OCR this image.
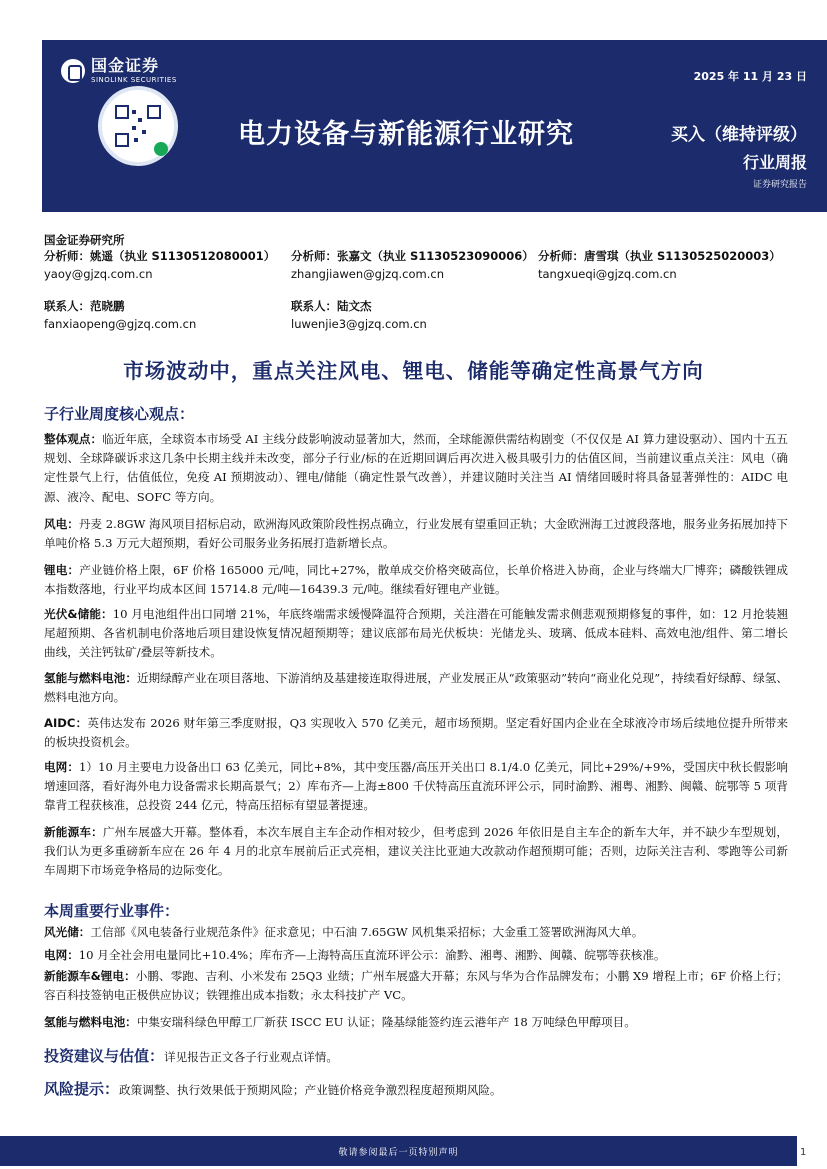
国金证券
SINOLINK SECURITIES
电力设备与新能源行业研究
2025 年 11 月 23 日
买入（维持评级）
行业周报
证券研究报告
国金证券研究所
分析师：姚遥（执业 S1130512080001） 分析师：张嘉文（执业 S1130523090006） 分析师：唐雪琪（执业 S1130525020003）
yaoy@gjzq.com.cn	zhangjiawen@gjzq.com.cn	tangxueqi@gjzq.com.cn
联系人：范晓鹏	联系人：陆文杰
fanxiaopeng@gjzq.com.cn	luwenjie3@gjzq.com.cn
市场波动中，重点关注风电、锂电、储能等确定性高景气方向
子行业周度核心观点：
整体观点：临近年底，全球资本市场受 AI 主线分歧影响波动显著加大，然而，全球能源供需结构剧变（不仅仅是 AI 算力建设驱动）、国内十五五规划、全球降碳诉求这几条中长期主线并未改变，部分子行业/标的在近期回调后再次进入极具吸引力的估值区间，当前建议重点关注：风电（确定性景气上行，估值低位，免疫 AI 预期波动）、锂电/储能（确定性景气改善），并建议随时关注当 AI 情绪回暖时将具备显著弹性的：AIDC 电源、液冷、配电、SOFC 等方向。
风电：丹麦 2.8GW 海风项目招标启动，欧洲海风政策阶段性拐点确立，行业发展有望重回正轨；大金欧洲海工过渡段落地，服务业务拓展加持下单吨价格 5.3 万元大超预期，看好公司服务业务拓展打造新增长点。
锂电：产业链价格上限，6F 价格 165000 元/吨，同比+27%，散单成交价格突破高位，长单价格进入协商，企业与终端大厂博弈；磷酸铁锂成本指数落地，行业平均成本区间 15714.8 元/吨—16439.3 元/吨。继续看好锂电产业链。
光伏&储能：10 月电池组件出口同增 21%，年底终端需求缓慢降温符合预期，关注潜在可能触发需求侧悲观预期修复的事件，如：12 月抢装翘尾超预期、各省机制电价落地后项目建设恢复情况超预期等；建议底部布局光伏板块：光储龙头、玻璃、低成本硅料、高效电池/组件、第二增长曲线，关注钙钛矿/叠层等新技术。
氢能与燃料电池：近期绿醇产业在项目落地、下游消纳及基建接连取得进展，产业发展正从“政策驱动”转向“商业化兑现”，持续看好绿醇、绿氢、燃料电池方向。
AIDC：英伟达发布 2026 财年第三季度财报，Q3 实现收入 570 亿美元，超市场预期。坚定看好国内企业在全球液冷市场后续地位提升所带来的板块投资机会。
电网：1）10 月主要电力设备出口 63 亿美元，同比+8%，其中变压器/高压开关出口 8.1/4.0 亿美元，同比+29%/+9%，受国庆中秋长假影响增速回落，看好海外电力设备需求长期高景气；2）库布齐—上海±800 千伏特高压直流环评公示，同时渝黔、湘粤、湘黔、闽赣、皖鄂等 5 项背靠背工程获核准，总投资 244 亿元，特高压招标有望显著提速。
新能源车：广州车展盛大开幕。整体看，本次车展自主车企动作相对较少，但考虑到 2026 年依旧是自主车企的新车大年，并不缺少车型规划，我们认为更多重磅新车应在 26 年 4 月的北京车展前后正式亮相，建议关注比亚迪大改款动作超预期可能；否则，边际关注吉利、零跑等公司新车周期下市场竞争格局的边际变化。
本周重要行业事件：
风光储：工信部《风电装备行业规范条件》征求意见；中石油 7.65GW 风机集采招标；大金重工签署欧洲海风大单。
电网：10 月全社会用电量同比+10.4%；库布齐—上海特高压直流环评公示：渝黔、湘粤、湘黔、闽赣、皖鄂等获核准。
新能源车&锂电：小鹏、零跑、吉利、小米发布 25Q3 业绩；广州车展盛大开幕；东风与华为合作品牌发布；小鹏 X9 增程上市；6F 价格上行；容百科技签钠电正极供应协议；铁锂推出成本指数；永太科技扩产 VC。
氢能与燃料电池：中集安瑞科绿色甲醇工厂新获 ISCC EU 认证；隆基绿能签约连云港年产 18 万吨绿色甲醇项目。
投资建议与估值：详见报告正文各子行业观点详情。
风险提示：政策调整、执行效果低于预期风险；产业链价格竞争激烈程度超预期风险。
敬请参阅最后一页特别声明	1
